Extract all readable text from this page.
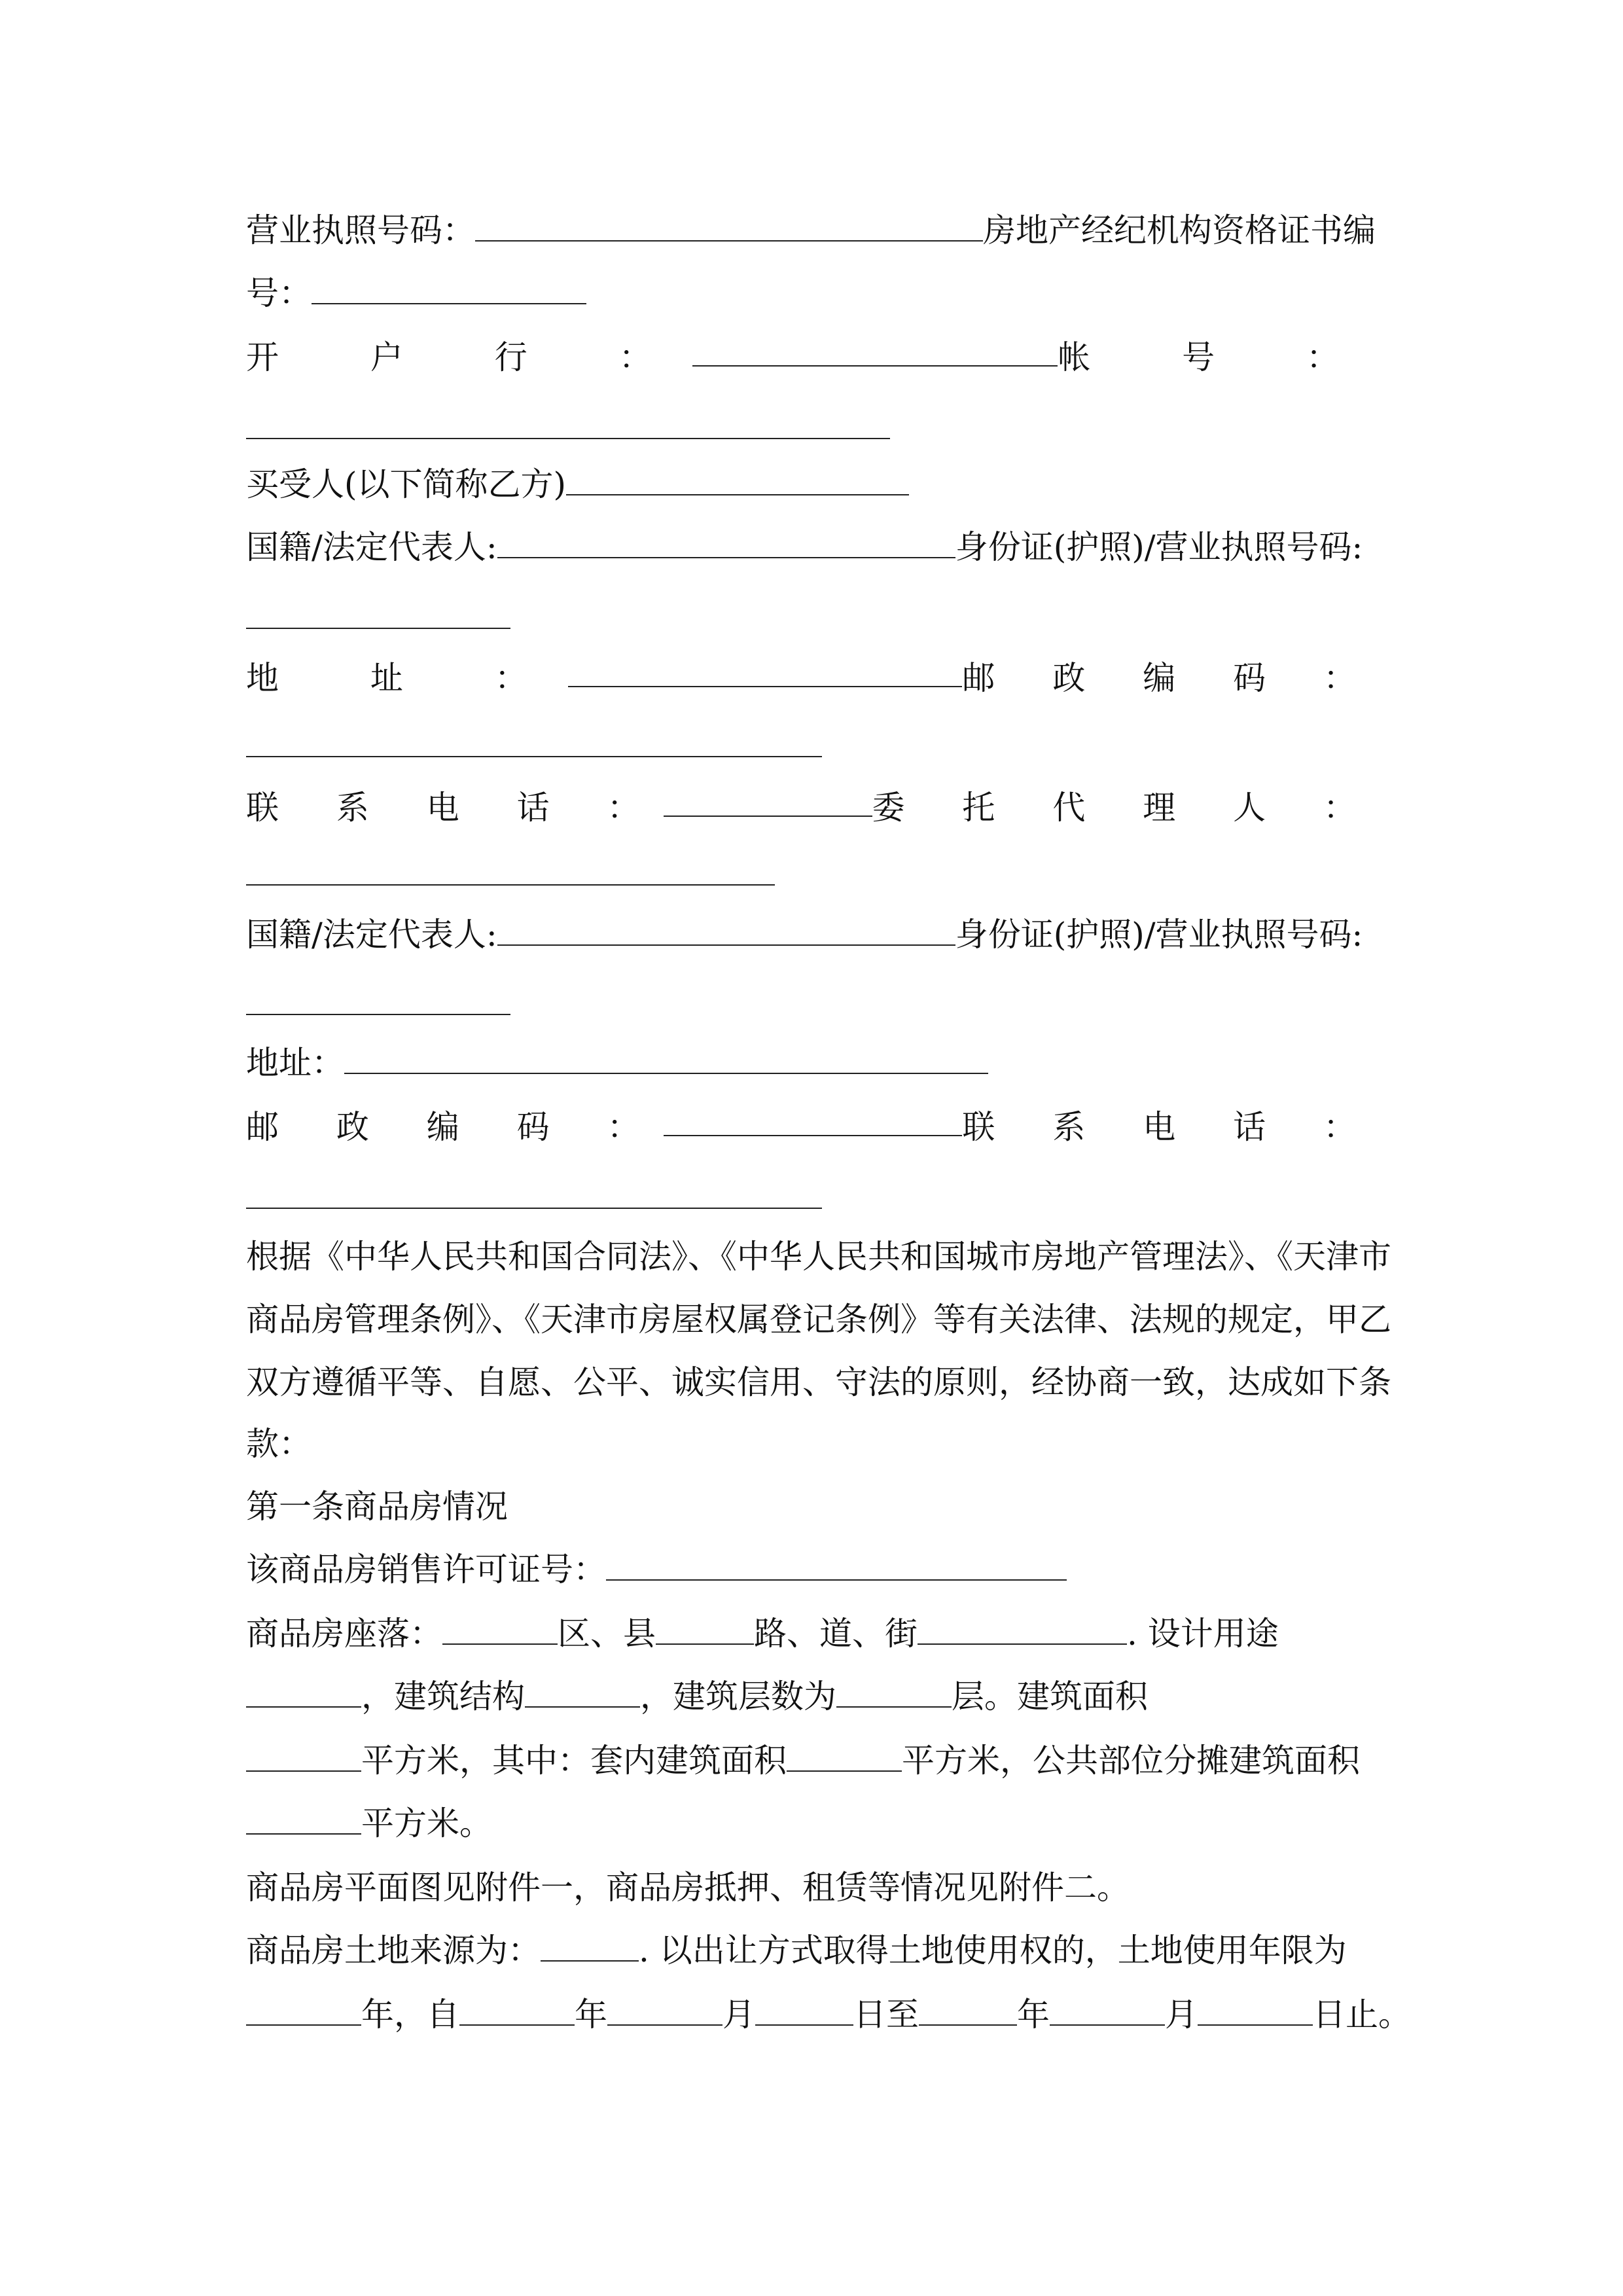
营业执照号码：	房地产经纪机构资格证书编
号：
开 户 行 ：	帐 号 ：
买受人(以下简称乙方)
国籍/法定代表人:	身份证(护照)/营业执照号码:
地 址 ：	邮 政 编 码 ：
联 系 电 话 ：	委 托 代 理 人 ：
国籍/法定代表人:	身份证(护照)/营业执照号码:
地址：
邮 政 编 码 ：	联 系 电 话 ：
根据《中华人民共和国合同法》、《中华人民共和国城市房地产管理法》、《天津市
商品房管理条例》、《天津市房屋权属登记条例》等有关法律、法规的规定，甲乙
双方遵循平等、自愿、公平、诚实信用、守法的原则，经协商一致，达成如下条
款：
第一条商品房情况
该商品房销售许可证号：
商品房座落：	区、县	路、道、街	. 设计用途
，建筑结构	，建筑层数为	层。建筑面积
平方米，其中：套内建筑面积	平方米，公共部位分摊建筑面积
平方米。
商品房平面图见附件一，商品房抵押、租赁等情况见附件二。
商品房土地来源为：	. 以出让方式取得土地使用权的，土地使用年限为
年，自	年	月	日至	年	月	日止。
